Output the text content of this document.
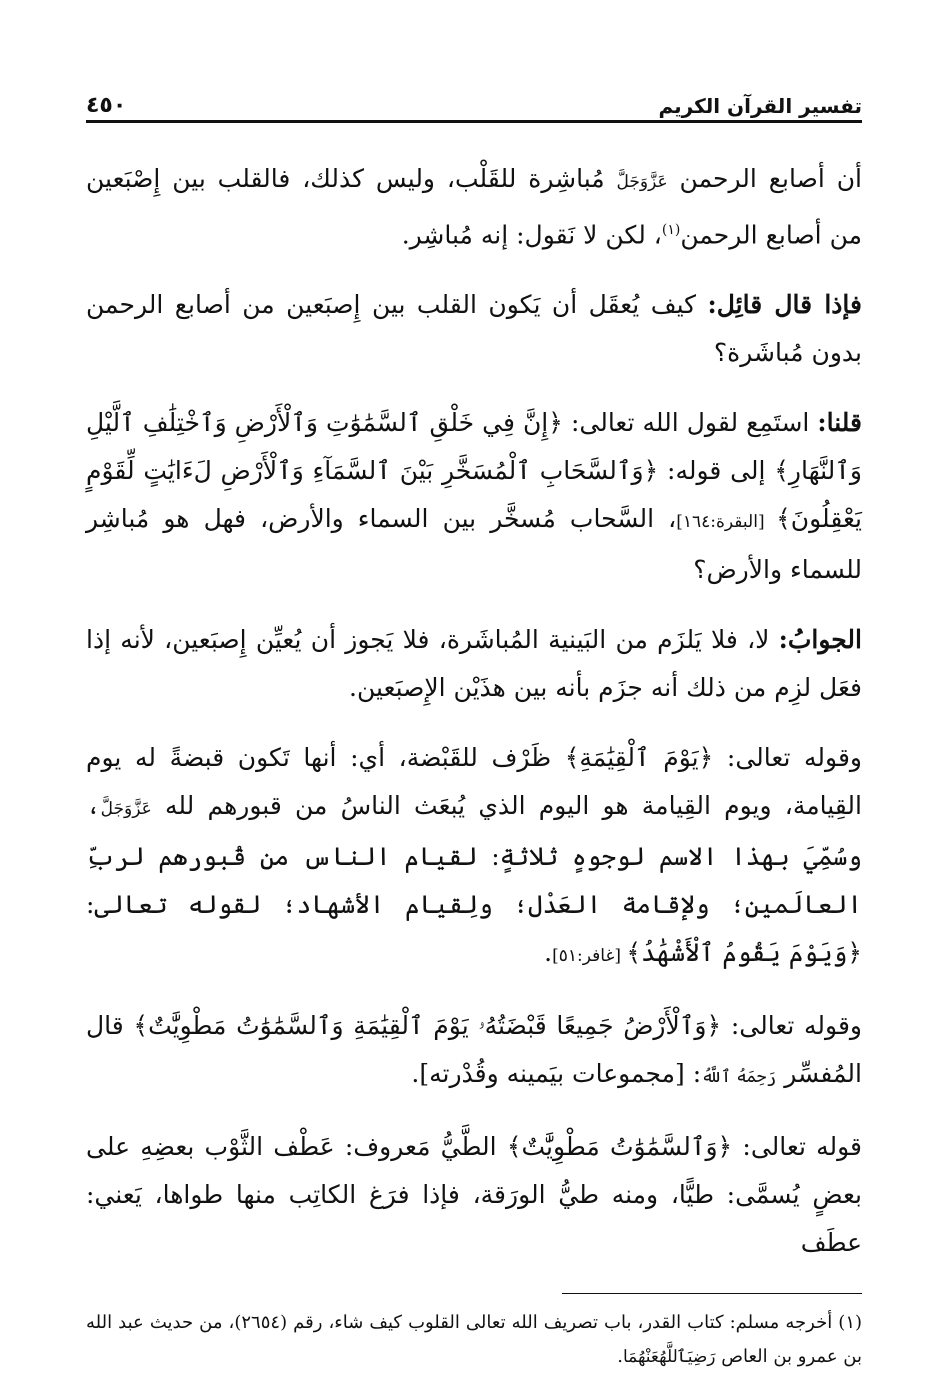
تفسير القرآن الكريم
٤٥٠

أن أصابع الرحمن عَزَّوَجَلَّ مُباشِرة للقَلْب، وليس كذلك، فالقلب بين إِصْبَعين من أصابع الرحمن$^{(١)}$، لكن لا نَقول: إنه مُباشِر.

فإذا قال قائِل: كيف يُعقَل أن يَكون القلب بين إِصبَعين من أصابع الرحمن بدون مُباشَرة؟

قلنا: استَمِع لقول الله تعالى: ﴿إِنَّ فِي خَلْقِ ٱلسَّمَٰوَٰتِ وَٱلْأَرْضِ وَٱخْتِلَٰفِ ٱلَّيْلِ وَٱلنَّهَارِ﴾ إلى قوله: ﴿وَٱلسَّحَابِ ٱلْمُسَخَّرِ بَيْنَ ٱلسَّمَآءِ وَٱلْأَرْضِ لَءَايَٰتٍ لِّقَوْمٍ يَعْقِلُونَ﴾ [البقرة:١٦٤]، السَّحاب مُسخَّر بين السماء والأرض، فهل هو مُباشِر للسماء والأرض؟

الجوابُ: لا، فلا يَلزَم من البَينية المُباشَرة، فلا يَجوز أن يُعيِّن إِصبَعين، لأنه إذا فعَل لزِم من ذلك أنه جزَم بأنه بين هذَيْن الإِصبَعين.

وقوله تعالى: ﴿يَوْمَ ٱلْقِيَٰمَةِ﴾ ظَرْف للقَبْضة، أي: أنها تَكون قبضةً له يوم القِيامة، ويوم القِيامة هو اليوم الذي يُبعَث الناسُ من قبورهم لله عَزَّوَجَلَّ، وسُمِّيَ بهذا الاسم لوجوهٍ ثلاثةٍ: لقيام الناس من قُبورهم لربِّ العالَمين؛ ولإقامة العَدْل؛ ولِقيام الأشهاد؛ لقوله تعالى: ﴿وَيَوْمَ يَقُومُ ٱلْأَشْهَٰدُ﴾ [غافر:٥١].

وقوله تعالى: ﴿وَٱلْأَرْضُ جَمِيعًا قَبْضَتُهُۥ يَوْمَ ٱلْقِيَٰمَةِ وَٱلسَّمَٰوَٰتُ مَطْوِيَّٰتٌ﴾ قال المُفسِّر رَحِمَهُ ٱللَّهُ: [مجموعات بيَمينه وقُدْرته].

قوله تعالى: ﴿وَٱلسَّمَٰوَٰتُ مَطْوِيَّٰتٌ﴾ الطَّيُّ مَعروف: عَطْف الثَّوْب بعضِهِ على بعضٍ يُسمَّى: طيًّا، ومنه طيُّ الورَقة، فإذا فرَغ الكاتِب منها طواها، يَعني: عطَف

(١) أخرجه مسلم: كتاب القدر، باب تصريف الله تعالى القلوب كيف شاء، رقم (٢٦٥٤)، من حديث عبد الله بن عمرو بن العاص رَضِيَٱللَّهُعَنْهُمَا.
